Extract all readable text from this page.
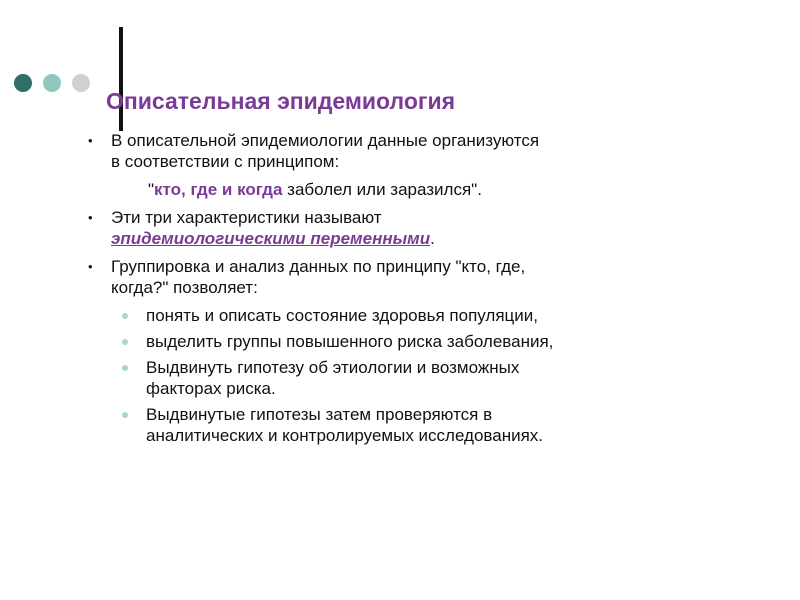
Описательная эпидемиология
• В описательной эпидемиологии данные организуются
в соответствии с принципом:
"кто, где и когда заболел или заразился".
• Эти три характеристики называют
эпидемиологическими переменными.
• Группировка и анализ данных по принципу "кто, где,
когда?" позволяет:
понять и описать состояние здоровья популяции,
выделить группы повышенного риска заболевания,
Выдвинуть гипотезу об этиологии и возможных
факторах риска.
Выдвинутые гипотезы затем проверяются в
аналитических и контролируемых исследованиях.
